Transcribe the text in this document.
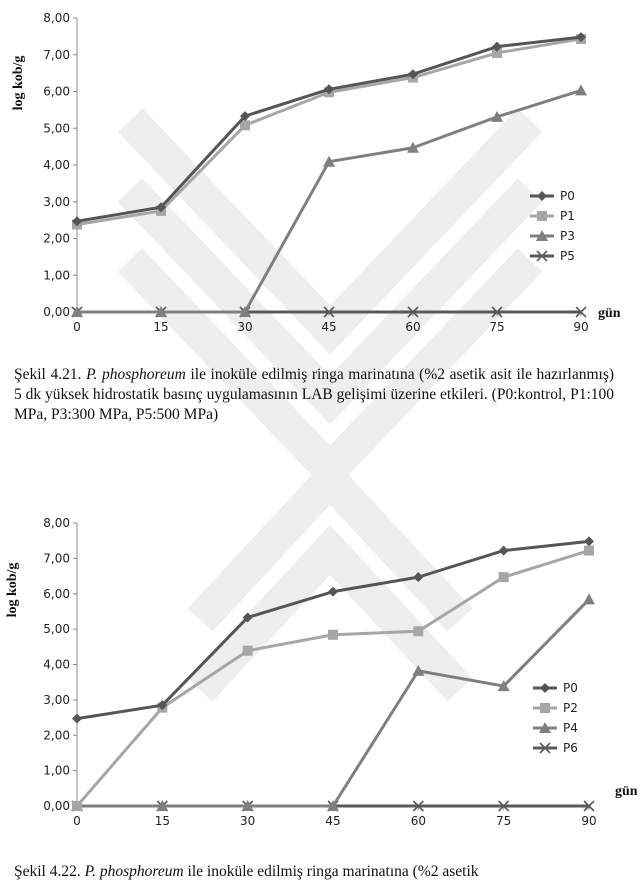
0,00
1,00
2,00
3,00
4,00
5,00
6,00
7,00
8,00
0	15	30	45	60	75	90
log kob/g
gün
P0
P1
P3
P5
Şekil 4.21. P. phosphoreum ile inoküle edilmiş ringa marinatına (%2 asetik asit ile hazırlanmış) 5 dk yüksek hidrostatik basınç uygulamasının LAB gelişimi üzerine etkileri. (P0:kontrol, P1:100 MPa, P3:300 MPa, P5:500 MPa)
0,00
1,00
2,00
3,00
4,00
5,00
6,00
7,00
8,00
0	15	30	45	60	75	90
log kob/g
gün
P0
P2
P4
P6
Şekil 4.22. P. phosphoreum ile inoküle edilmiş ringa marinatına (%2 asetik
